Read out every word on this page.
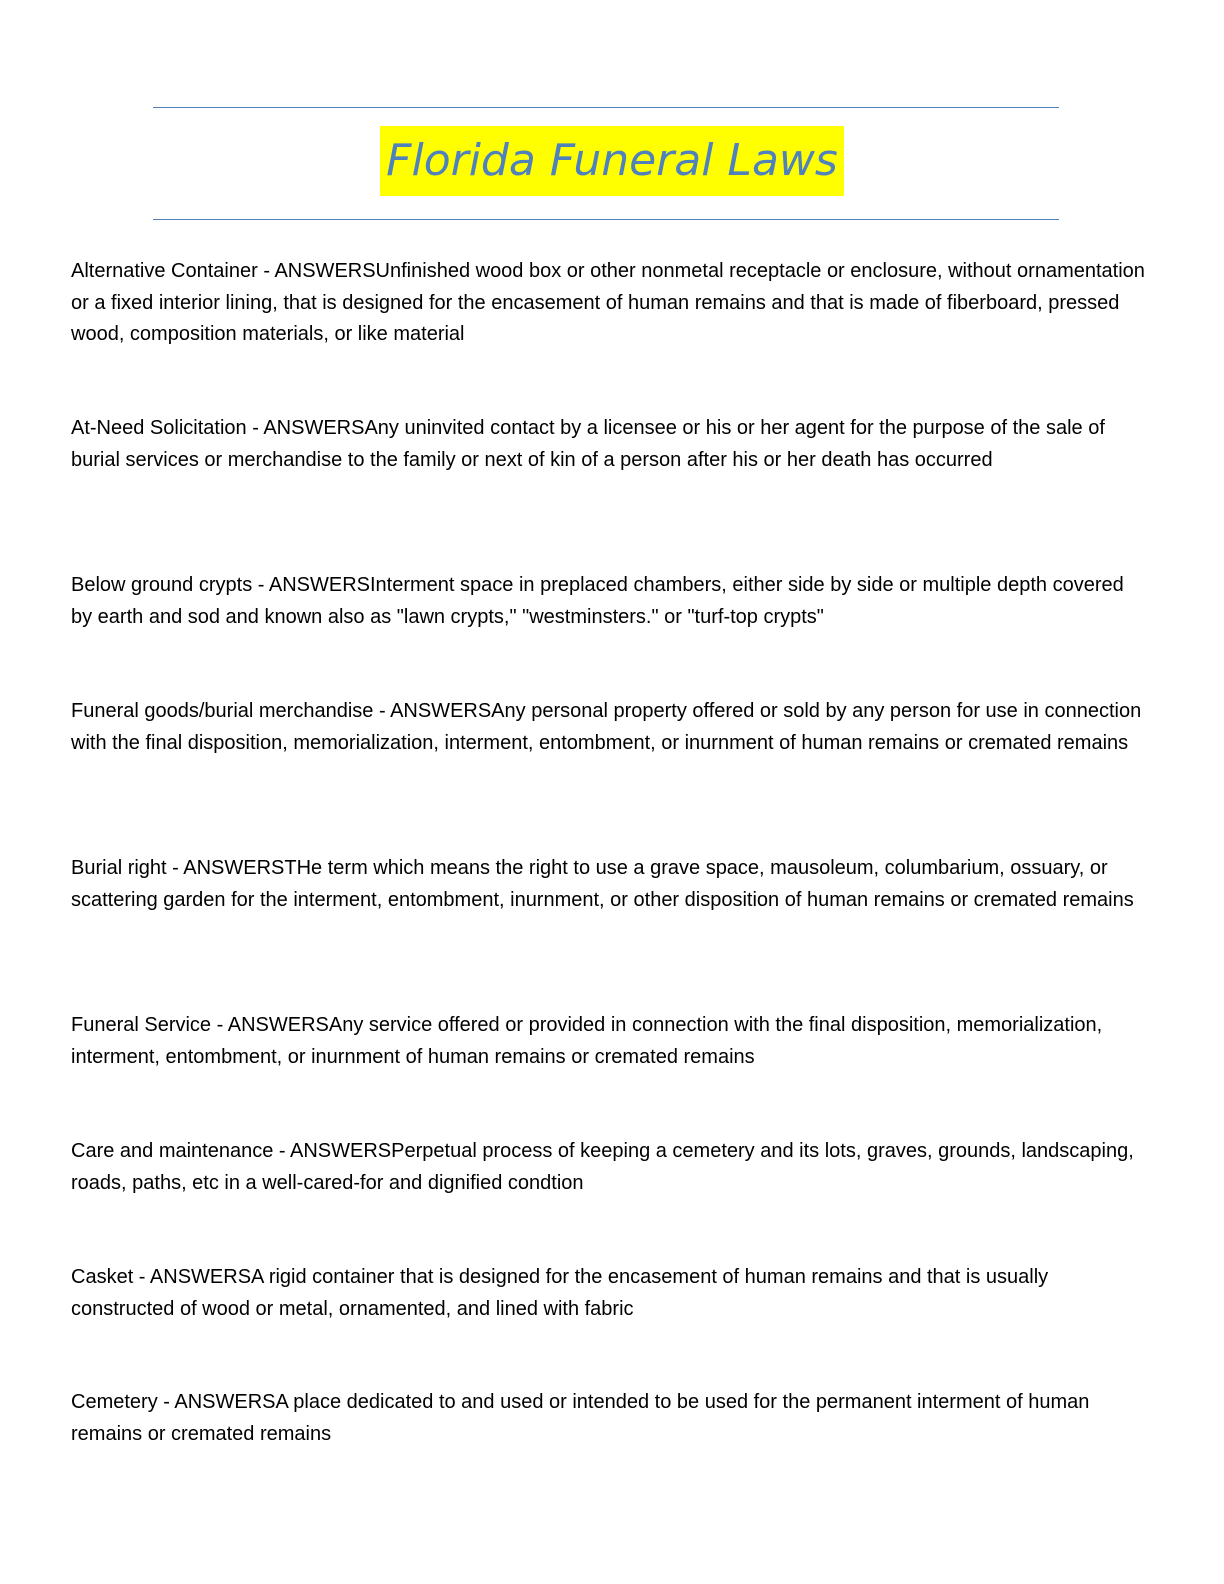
Florida Funeral Laws

Alternative Container - ANSWERSUnfinished wood box or other nonmetal receptacle or enclosure, without ornamentation or a fixed interior lining, that is designed for the encasement of human remains and that is made of fiberboard, pressed wood, composition materials, or like material

At-Need Solicitation - ANSWERSAny uninvited contact by a licensee or his or her agent for the purpose of the sale of burial services or merchandise to the family or next of kin of a person after his or her death has occurred

Below ground crypts - ANSWERSInterment space in preplaced chambers, either side by side or multiple depth covered by earth and sod and known also as "lawn crypts," "westminsters." or "turf-top crypts"

Funeral goods/burial merchandise - ANSWERSAny personal property offered or sold by any person for use in connection with the final disposition, memorialization, interment, entombment, or inurnment of human remains or cremated remains

Burial right - ANSWERSTHe term which means the right to use a grave space, mausoleum, columbarium, ossuary, or scattering garden for the interment, entombment, inurnment, or other disposition of human remains or cremated remains

Funeral Service - ANSWERSAny service offered or provided in connection with the final disposition, memorialization, interment, entombment, or inurnment of human remains or cremated remains

Care and maintenance - ANSWERSPerpetual process of keeping a cemetery and its lots, graves, grounds, landscaping, roads, paths, etc in a well-cared-for and dignified condtion

Casket - ANSWERSA rigid container that is designed for the encasement of human remains and that is usually constructed of wood or metal, ornamented, and lined with fabric

Cemetery - ANSWERSA place dedicated to and used or intended to be used for the permanent interment of human remains or cremated remains
